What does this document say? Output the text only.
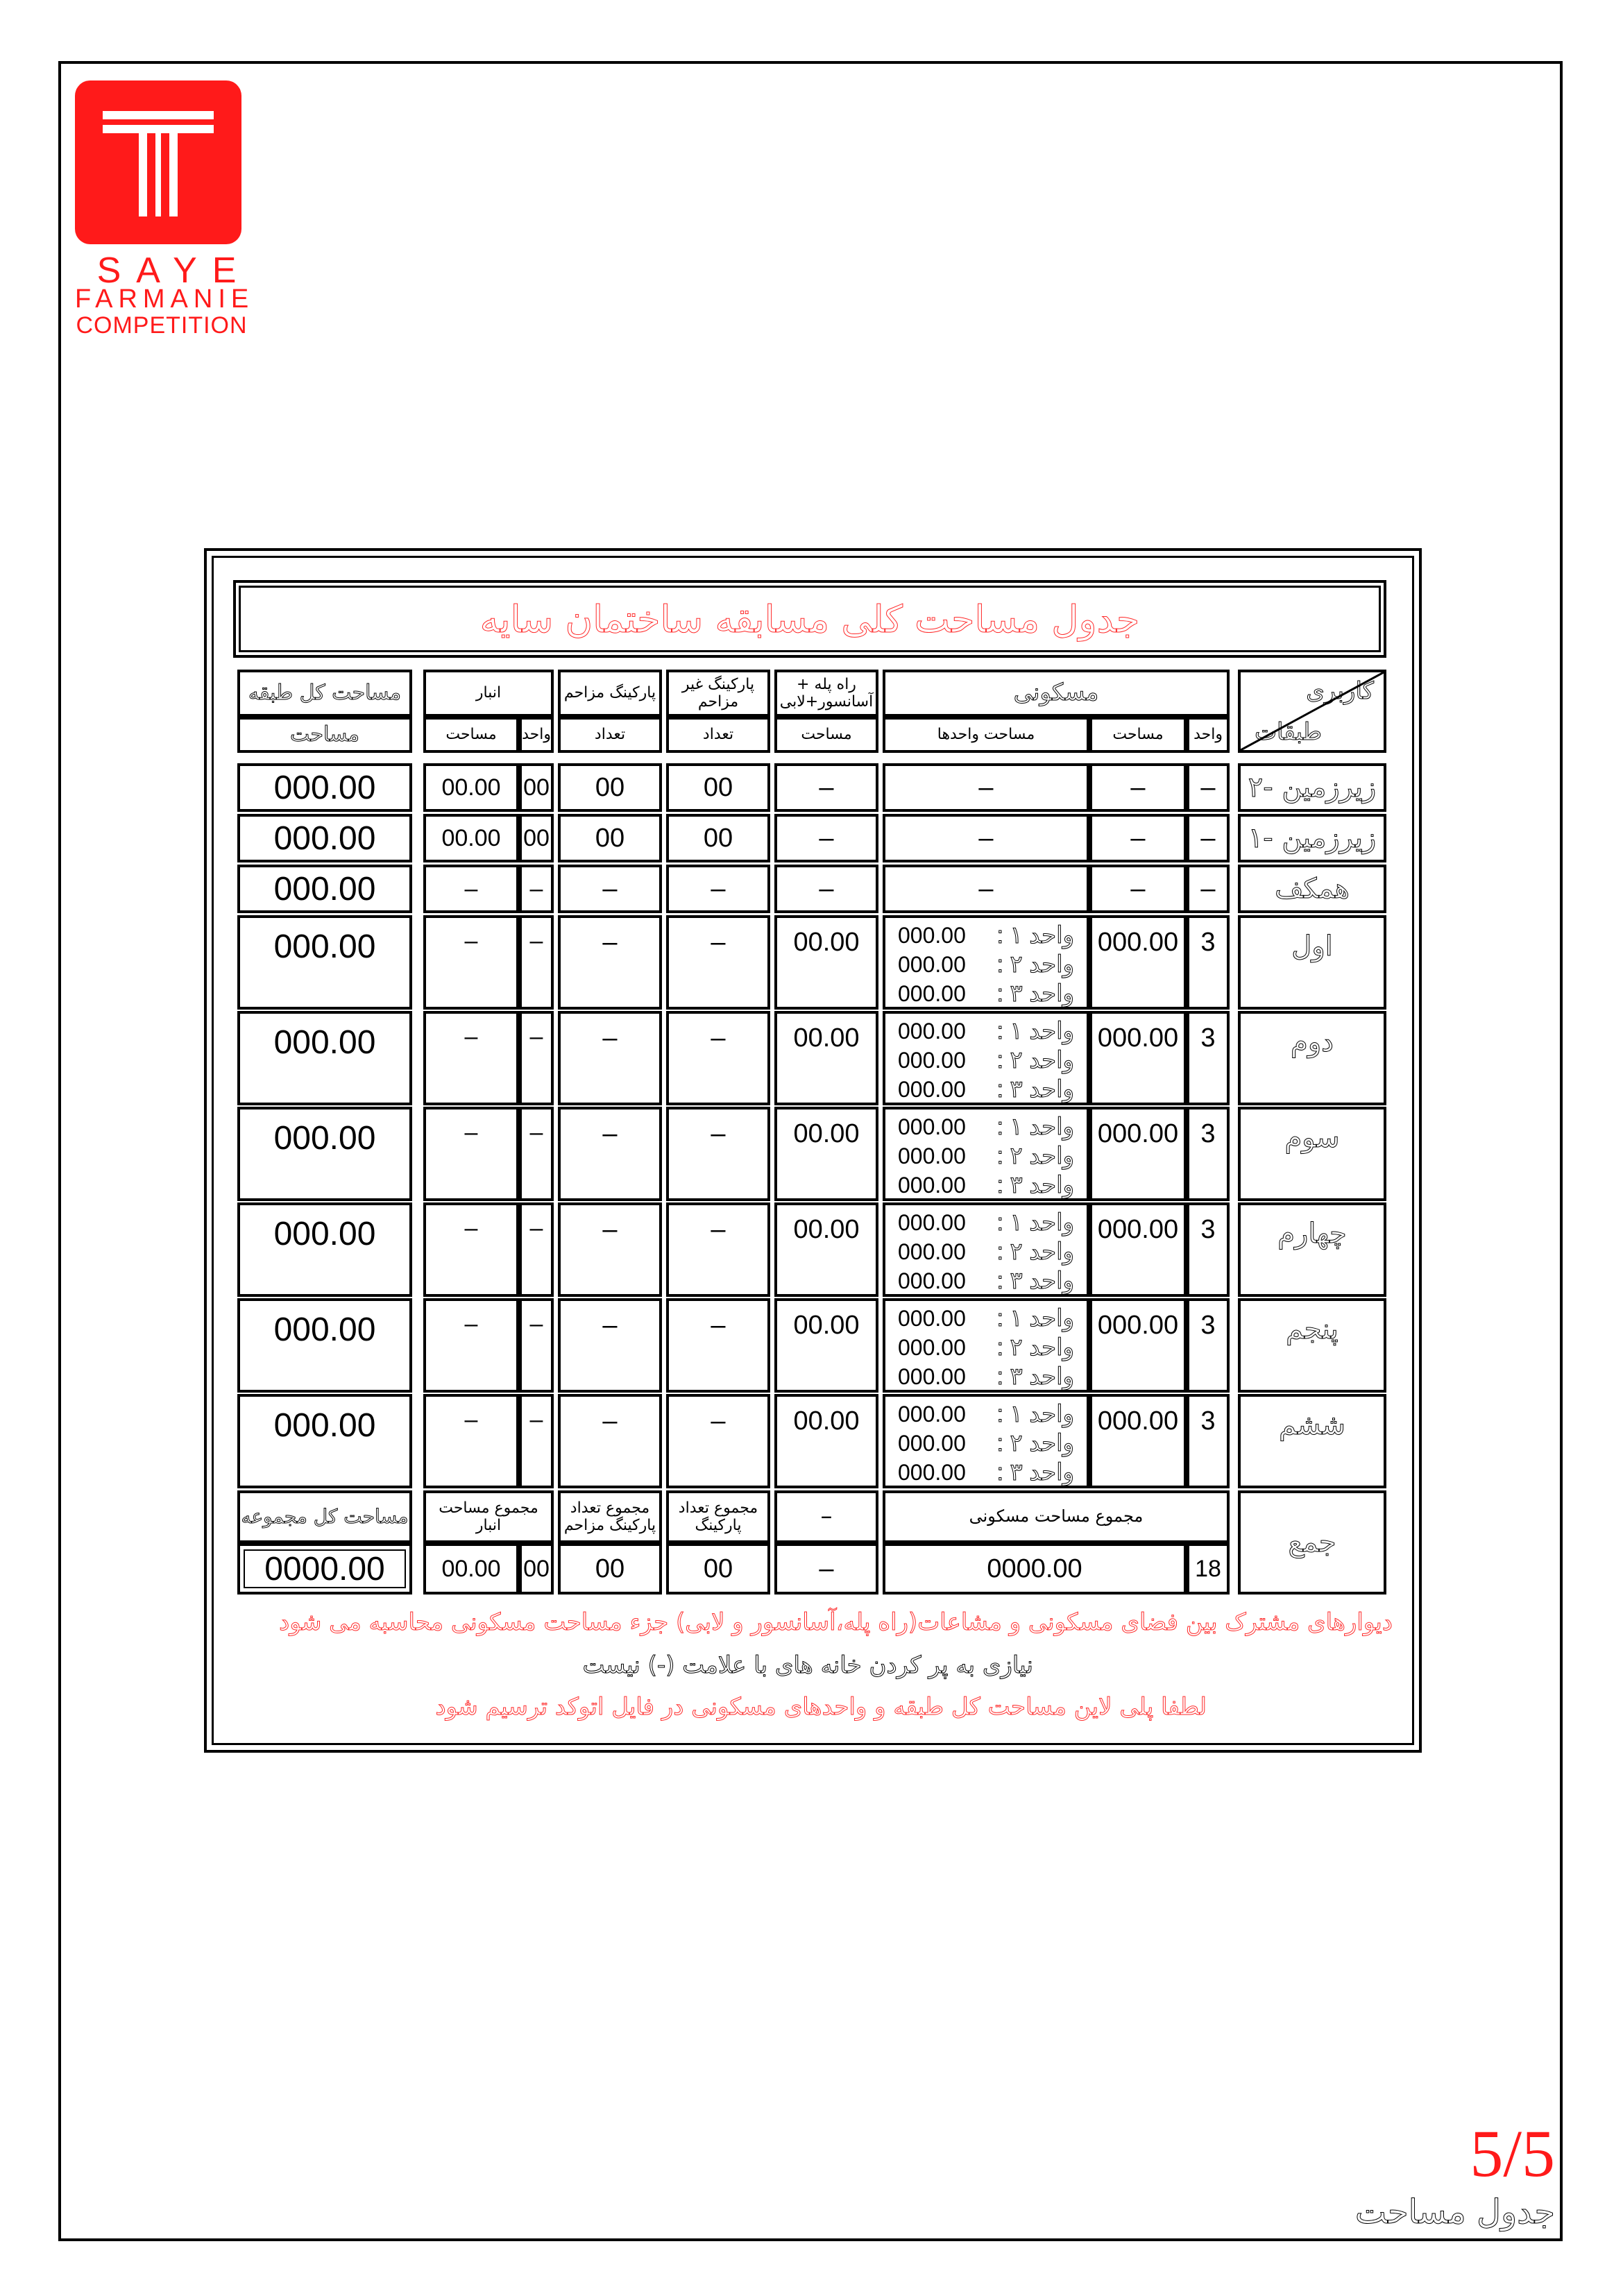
SAYE
FARMANIE
COMPETITION
جدول مساحت کلی مسابقه ساختمان سایه
کاربری
طبقات
مسکونی
واحد
مساحت
مساحت واحدها
راه پله + آسانسور+لابی
مساحت
پارکینگ غیر مزاحم
تعداد
پارکینگ مزاحم
تعداد
انبار
واحد
مساحت
مساحت کل طبقه
مساحت
زیرزمین -۲
–
–
–
–
00
00
00
00.00
000.00
زیرزمین -۱
–
–
–
–
00
00
00
00.00
000.00
همکف
–
–
–
–
–
–
–
–
000.00
اول
3
000.00
000.00 واحد ۱ :
000.00 واحد ۲ :
000.00 واحد ۳ :
00.00
–
–
–
–
000.00
دوم
3
000.00
000.00 واحد ۱ :
000.00 واحد ۲ :
000.00 واحد ۳ :
00.00
–
–
–
–
000.00
سوم
3
000.00
000.00 واحد ۱ :
000.00 واحد ۲ :
000.00 واحد ۳ :
00.00
–
–
–
–
000.00
چهارم
3
000.00
000.00 واحد ۱ :
000.00 واحد ۲ :
000.00 واحد ۳ :
00.00
–
–
–
–
000.00
پنجم
3
000.00
000.00 واحد ۱ :
000.00 واحد ۲ :
000.00 واحد ۳ :
00.00
–
–
–
–
000.00
ششم
3
000.00
000.00 واحد ۱ :
000.00 واحد ۲ :
000.00 واحد ۳ :
00.00
–
–
–
–
000.00
جمع
مجموع مساحت مسکونی
18
0000.00
–
–
مجموع تعداد پارکینگ
00
مجموع تعداد پارکینگ مزاحم
00
مجموع مساحت انبار
00
00.00
مساحت کل مجموعه
0000.00
دیوارهای مشترک بین فضای مسکونی و مشاعات(راه پله،آسانسور و لابی) جزء مساحت مسکونی محاسبه می شود
نیازی به پر کردن خانه های با علامت (-) نیست
لطفا پلی لاین مساحت کل طبقه و واحدهای مسکونی در فایل اتوکد ترسیم شود
5/5
جدول مساحت
